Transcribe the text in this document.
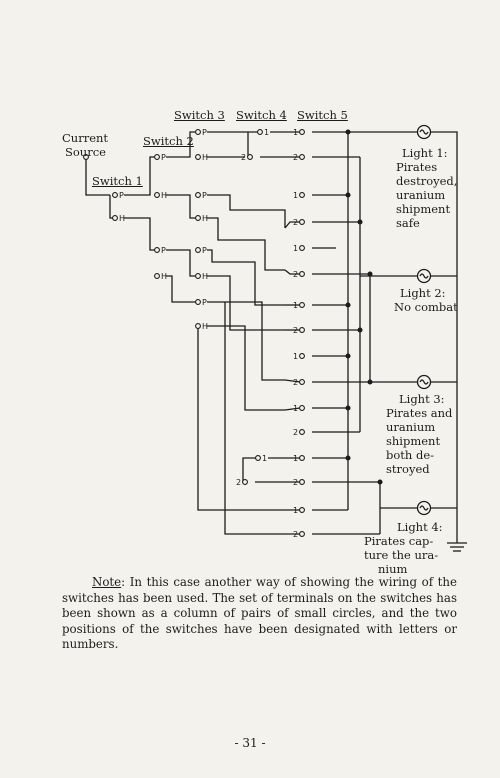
P
H
P
H
P
H
P
H
P
H
P
H
P
H
1
2
1
2
1
2
1
2
1
2
1
2
1
2
1
2
1
2
1
2
Current
Source
Switch 1
Switch 2
Switch 3 Switch 4 Switch 5
Light 1:
Pirates
destroyed,
uranium
shipment
safe
Light 2:
No combat
Light 3:
Pirates and
uranium
shipment
both de-
stroyed
Light 4:
Pirates cap-
ture the ura-
nium
Note: In this case another way of showing the wiring of the switches has been used. The set of terminals on the switches has been shown as a column of pairs of small circles, and the two positions of the switches have been designated with letters or numbers.
- 31 -
